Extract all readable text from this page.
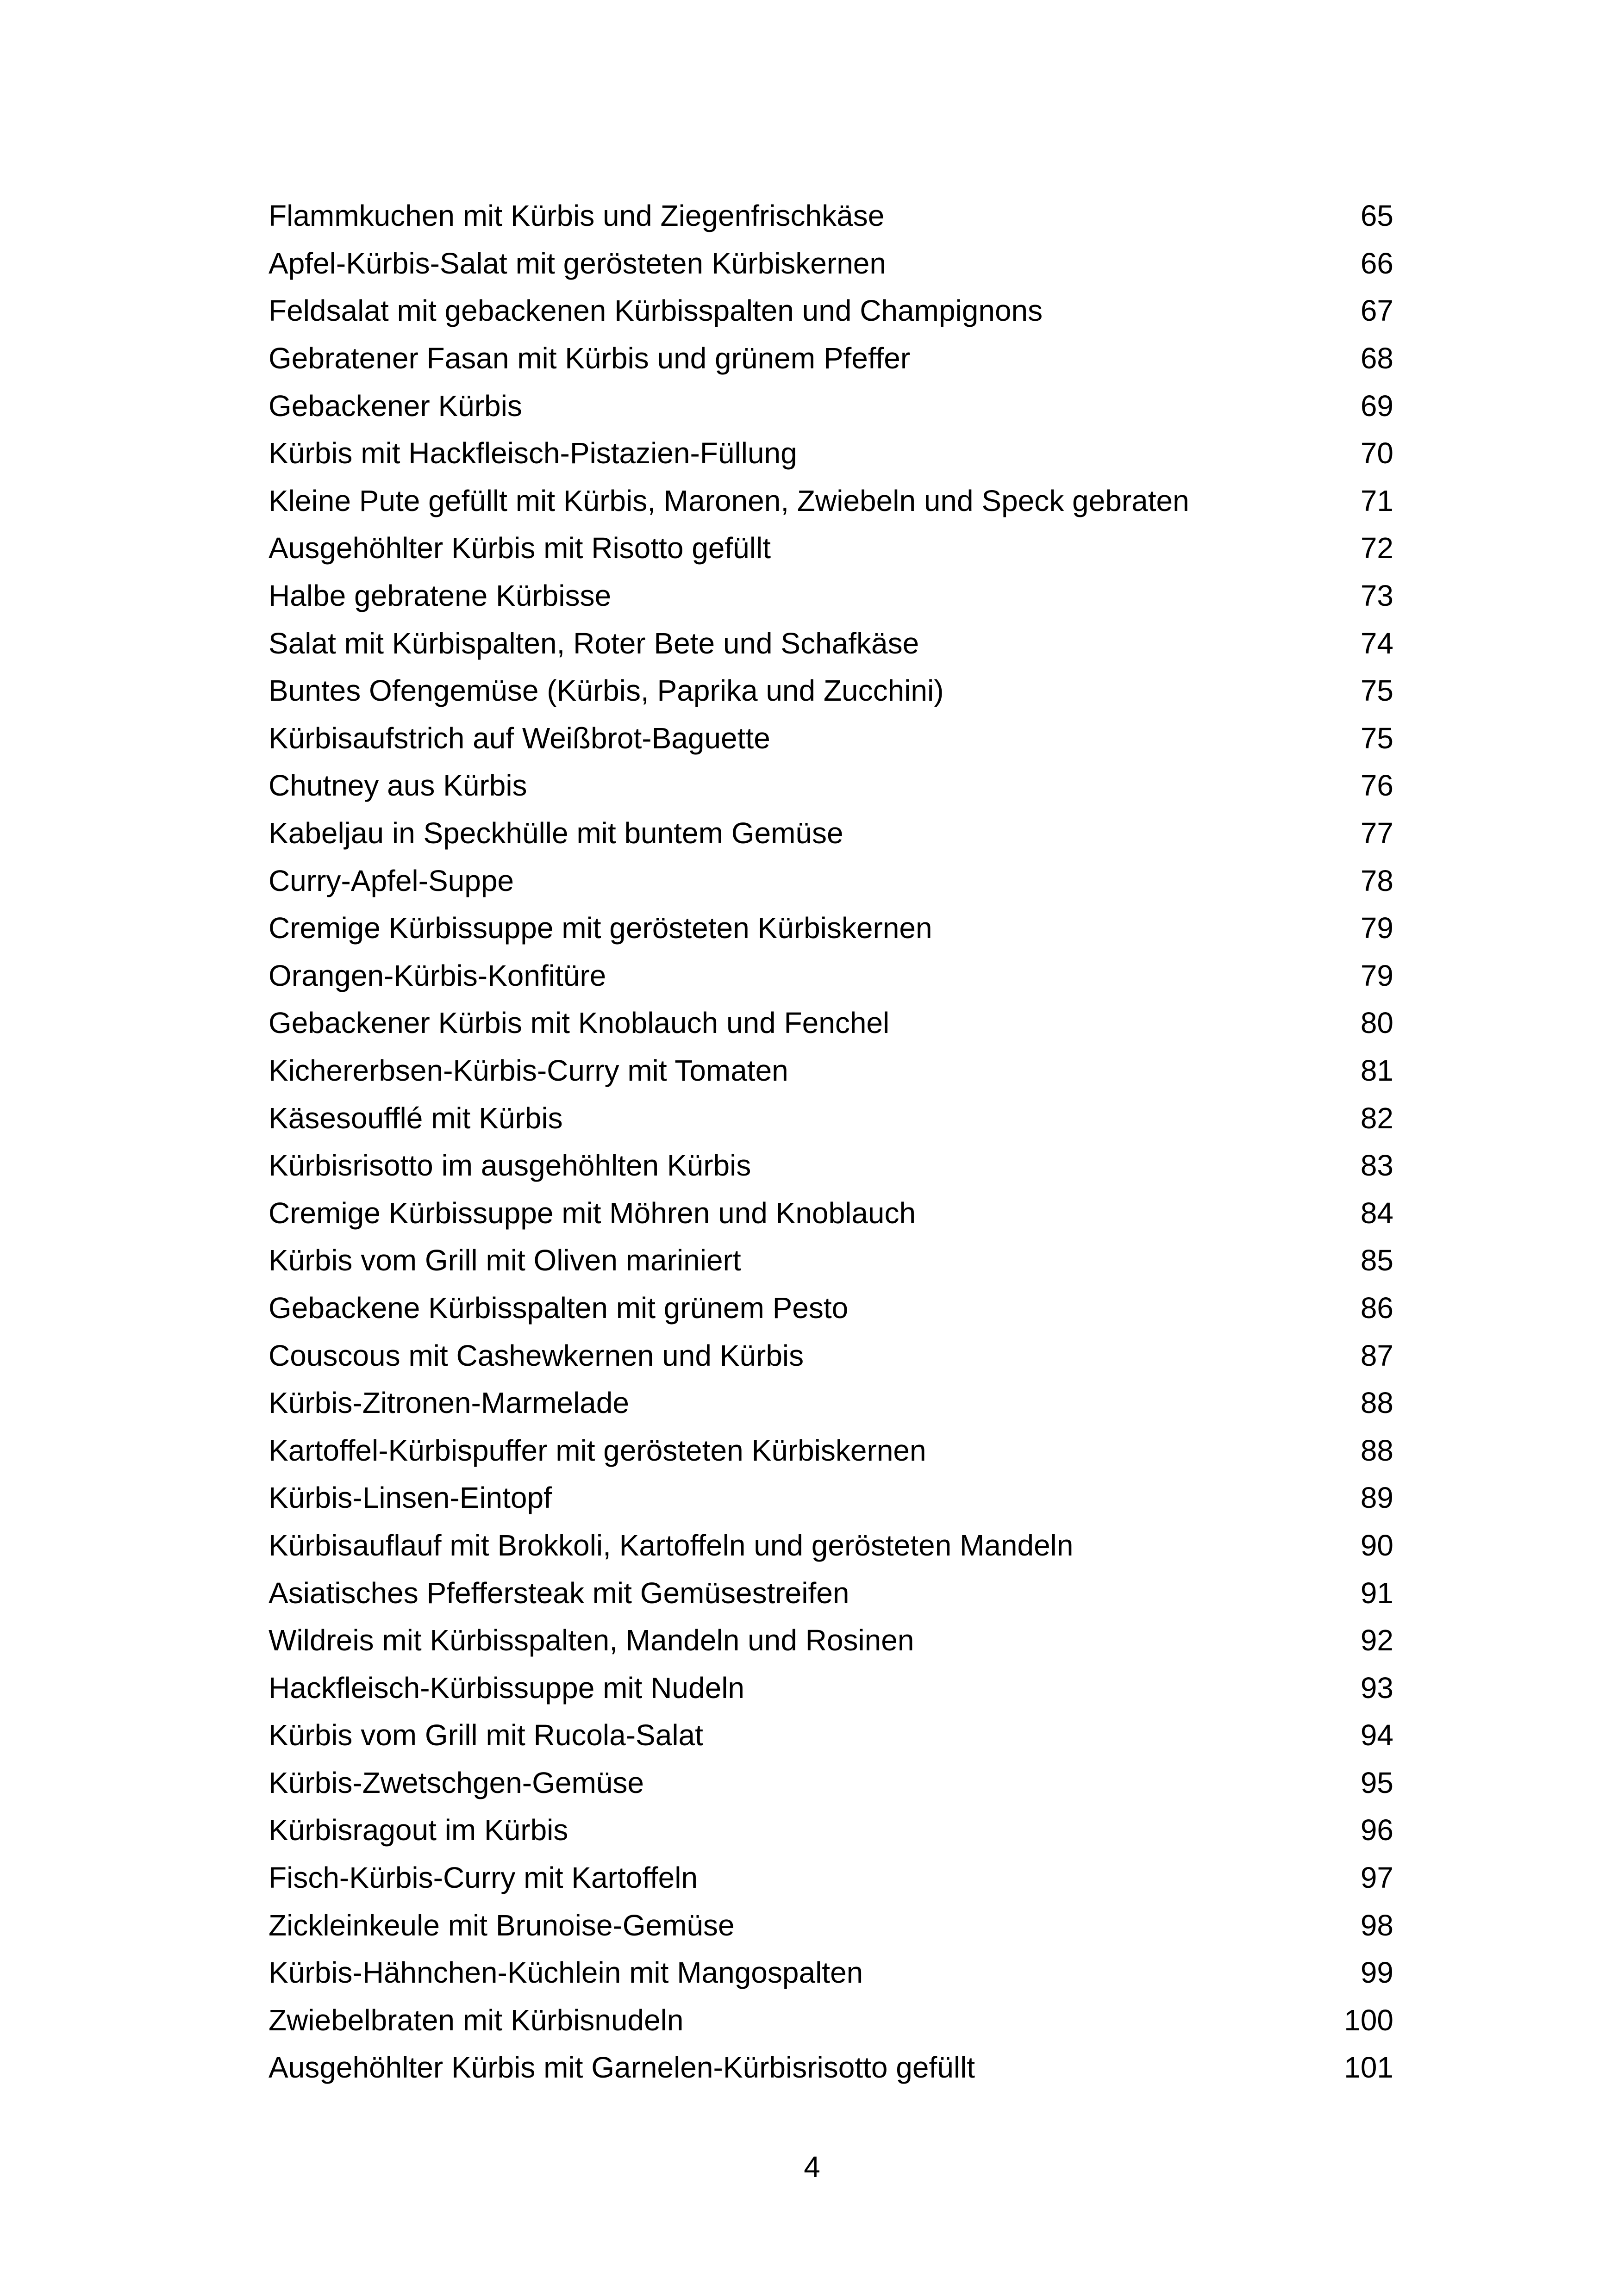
Flammkuchen mit Kürbis und Ziegenfrischkäse	65
Apfel-Kürbis-Salat mit gerösteten Kürbiskernen	66
Feldsalat mit gebackenen Kürbisspalten und Champignons	67
Gebratener Fasan mit Kürbis und grünem Pfeffer	68
Gebackener Kürbis	69
Kürbis mit Hackfleisch-Pistazien-Füllung	70
Kleine Pute gefüllt mit Kürbis, Maronen, Zwiebeln und Speck gebraten	71
Ausgehöhlter Kürbis mit Risotto gefüllt	72
Halbe gebratene Kürbisse	73
Salat mit Kürbispalten, Roter Bete und Schafkäse	74
Buntes Ofengemüse (Kürbis, Paprika und Zucchini)	75
Kürbisaufstrich auf Weißbrot-Baguette	75
Chutney aus Kürbis	76
Kabeljau in Speckhülle mit buntem Gemüse	77
Curry-Apfel-Suppe	78
Cremige Kürbissuppe mit gerösteten Kürbiskernen	79
Orangen-Kürbis-Konfitüre	79
Gebackener Kürbis mit Knoblauch und Fenchel	80
Kichererbsen-Kürbis-Curry mit Tomaten	81
Käsesoufflé mit Kürbis	82
Kürbisrisotto im ausgehöhlten Kürbis	83
Cremige Kürbissuppe mit Möhren und Knoblauch	84
Kürbis vom Grill mit Oliven mariniert	85
Gebackene Kürbisspalten mit grünem Pesto	86
Couscous mit Cashewkernen und Kürbis	87
Kürbis-Zitronen-Marmelade	88
Kartoffel-Kürbispuffer mit gerösteten Kürbiskernen	88
Kürbis-Linsen-Eintopf	89
Kürbisauflauf mit Brokkoli, Kartoffeln und gerösteten Mandeln	90
Asiatisches Pfeffersteak mit Gemüsestreifen	91
Wildreis mit Kürbisspalten, Mandeln und Rosinen	92
Hackfleisch-Kürbissuppe mit Nudeln	93
Kürbis vom Grill mit Rucola-Salat	94
Kürbis-Zwetschgen-Gemüse	95
Kürbisragout im Kürbis	96
Fisch-Kürbis-Curry mit Kartoffeln	97
Zickleinkeule mit Brunoise-Gemüse	98
Kürbis-Hähnchen-Küchlein mit Mangospalten	99
Zwiebelbraten mit Kürbisnudeln	100
Ausgehöhlter Kürbis mit Garnelen-Kürbisrisotto gefüllt	101
4
